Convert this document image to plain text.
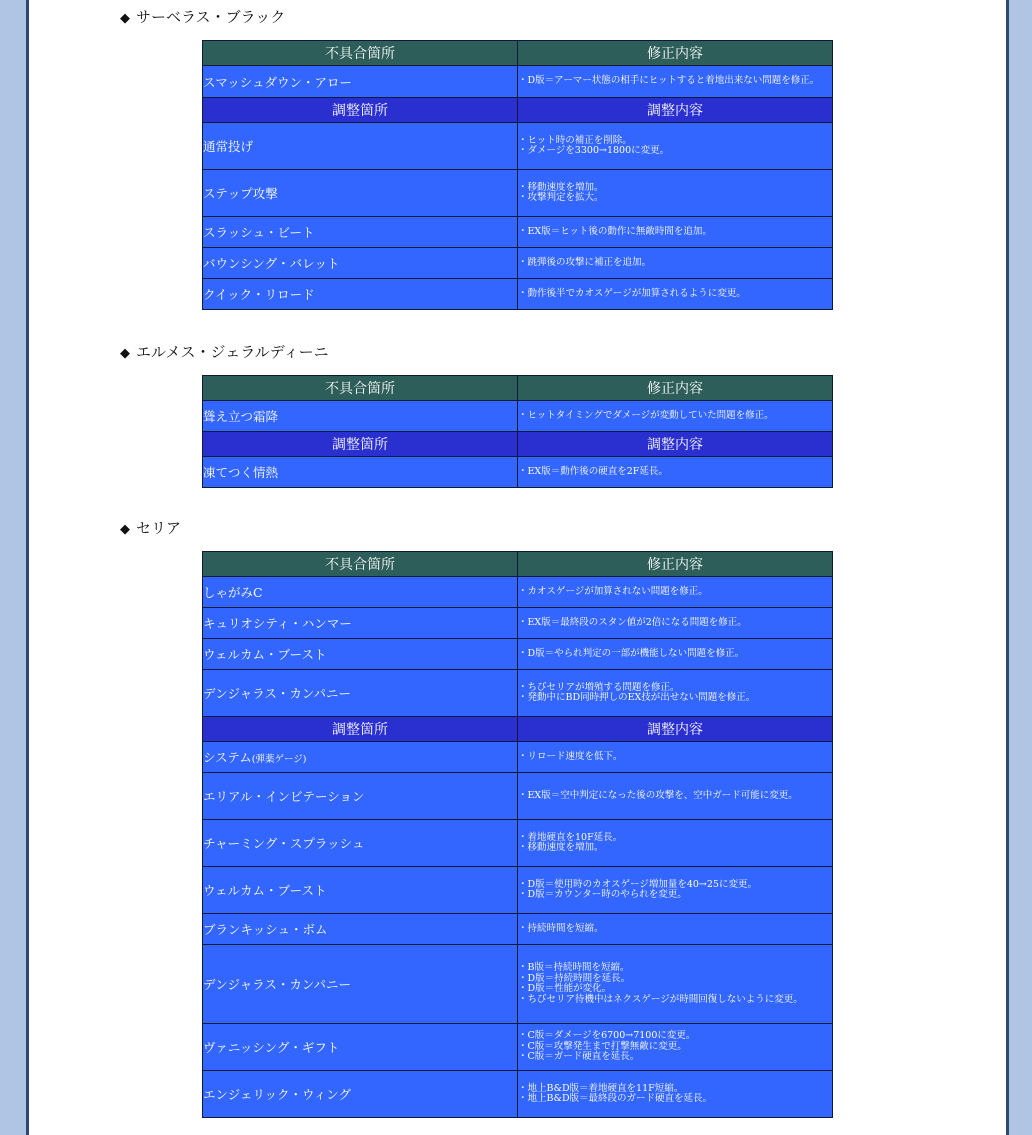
◆ サーベラス・ブラック
不具合箇所	修正内容
スマッシュダウン・アロー	・D版＝アーマー状態の相手にヒットすると着地出来ない問題を修正。
調整箇所	調整内容
通常投げ	・ヒット時の補正を削除。
・ダメージを3300→1800に変更。

ステップ攻撃	・移動速度を増加。
・攻撃判定を拡大。

スラッシュ・ビート	・EX版＝ヒット後の動作に無敵時間を追加。

バウンシング・バレット	・跳弾後の攻撃に補正を追加。

クイック・リロード	・動作後半でカオスゲージが加算されるように変更。
◆ エルメス・ジェラルディーニ
不具合箇所	修正内容
聳え立つ霜降	・ヒットタイミングでダメージが変動していた問題を修正。

調整箇所	調整内容
凍てつく情熱	・EX版＝動作後の硬直を2F延長。
◆ セリア
不具合箇所	修正内容
しゃがみC	・カオスゲージが加算されない問題を修正。

キュリオシティ・ハンマー	・EX版＝最終段のスタン値が2倍になる問題を修正。

ウェルカム・ブースト	・D版＝やられ判定の一部が機能しない問題を修正。

デンジャラス・カンパニー	・ちびセリアが増殖する問題を修正。
・発動中にBD同時押しのEX技が出せない問題を修正。

調整箇所	調整内容
システム(弾薬ゲージ)	・リロード速度を低下。

エリアル・インビテーション	・EX版＝空中判定になった後の攻撃を、空中ガード可能に変更。

チャーミング・スプラッシュ	・着地硬直を10F延長。
・移動速度を増加。

ウェルカム・ブースト	・D版＝使用時のカオスゲージ増加量を40→25に変更。
・D版＝カウンター時のやられを変更。

ブランキッシュ・ボム	・持続時間を短縮。

デンジャラス・カンパニー	・B版＝持続時間を短縮。
・D版＝持続時間を延長。
・D版＝性能が変化。
・ちびセリア待機中はネクスゲージが時間回復しないように変更。

ヴァニッシング・ギフト	・C版＝ダメージを6700→7100に変更。
・C版＝攻撃発生まで打撃無敵に変更。
・C版＝ガード硬直を延長。

エンジェリック・ウィング	・地上B&D版＝着地硬直を11F短縮。
・地上B&D版＝最終段のガード硬直を延長。
